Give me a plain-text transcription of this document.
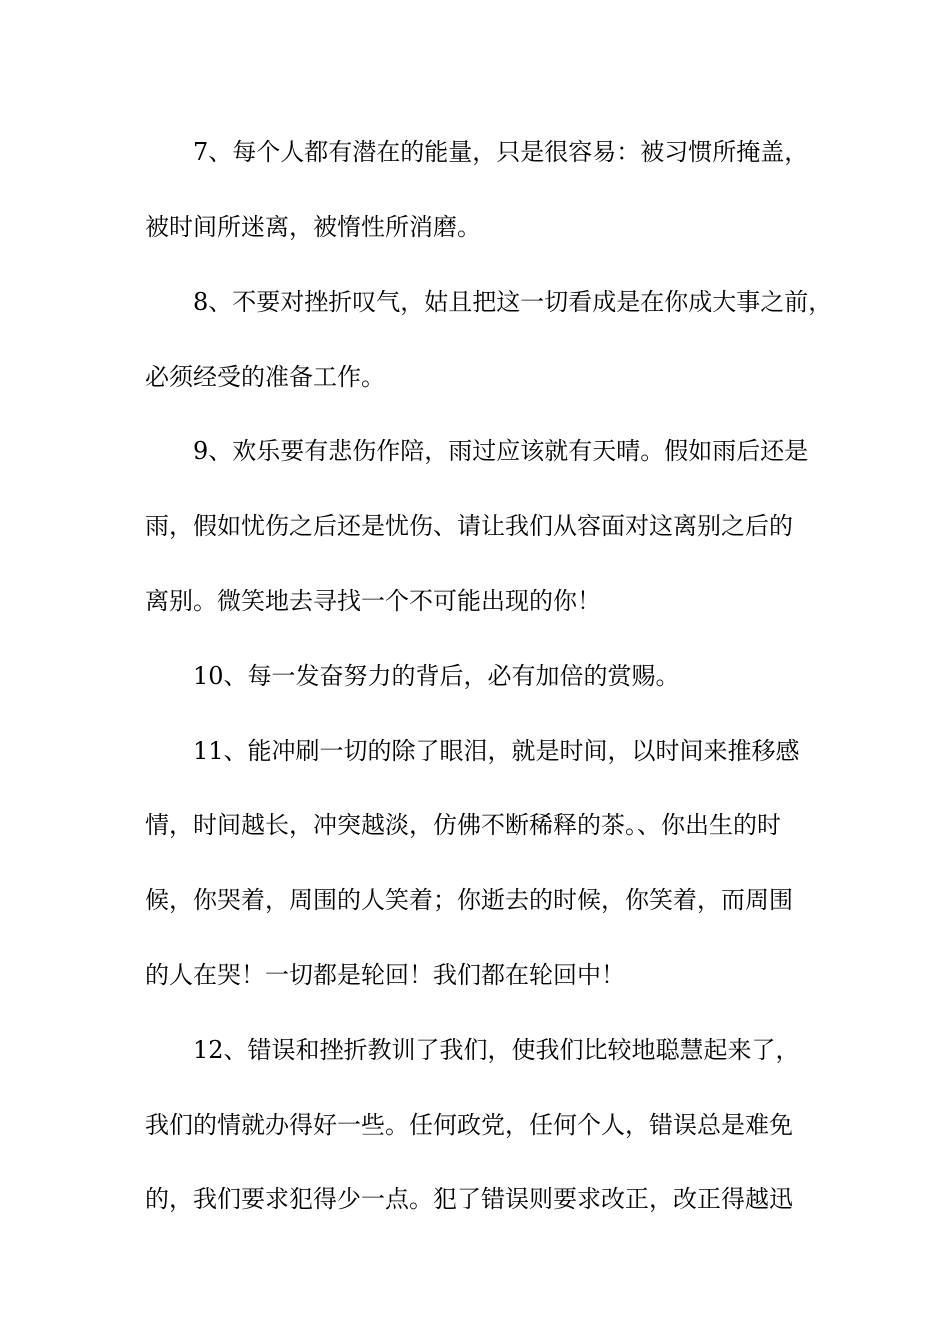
7、每个人都有潜在的能量，只是很容易：被习惯所掩盖，

被时间所迷离，被惰性所消磨。

8、不要对挫折叹气，姑且把这一切看成是在你成大事之前，

必须经受的准备工作。

9、欢乐要有悲伤作陪，雨过应该就有天晴。假如雨后还是

雨，假如忧伤之后还是忧伤、请让我们从容面对这离别之后的

离别。微笑地去寻找一个不可能出现的你！

10、每一发奋努力的背后，必有加倍的赏赐。

11、能冲刷一切的除了眼泪，就是时间，以时间来推移感

情，时间越长，冲突越淡，仿佛不断稀释的茶。、你出生的时

候，你哭着，周围的人笑着；你逝去的时候，你笑着，而周围

的人在哭！一切都是轮回！我们都在轮回中！

12、错误和挫折教训了我们，使我们比较地聪慧起来了，

我们的情就办得好一些。任何政党，任何个人，错误总是难免

的，我们要求犯得少一点。犯了错误则要求改正，改正得越迅
